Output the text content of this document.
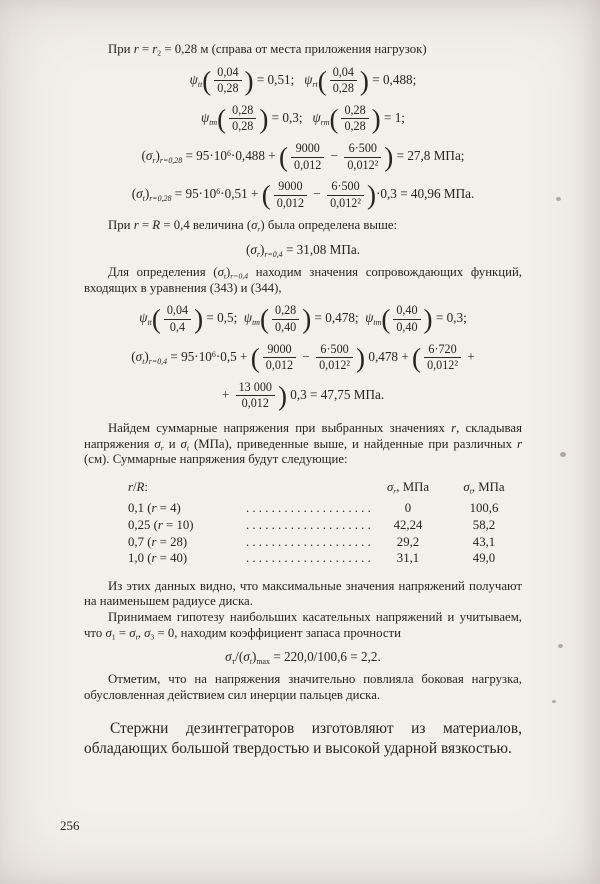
При $r = r_2 = 0,28$ м (справа от места приложения нагрузок)

$\psi_{tt}( \frac{0,04}{0,28}$ ) = 0,51;   $\psi_{rt}( \frac{0,04}{0,28}$ ) = 0,488;
$\psi_{tm}( \frac{0,28}{0,28}$ ) = 0,3;   $\psi_{rm}( \frac{0,28}{0,28}$ ) = 1;
$(\sigma_r)_{r=0,28} = 95\cdot 10^6\cdot 0,488$ + ( $\frac{9000}{0,012} - \frac{6\cdot 500}{\text{0,012²}}$ ) = 27,8 МПа;
$(\sigma_t)_{r=0,28} = 95\cdot 10^6\cdot 0,51$ + ( $\frac{9000}{0,012} - \frac{6\cdot 500}{\text{0,012²}} )\cdot 0,3 = 40,96$ МПа.

При r = R = 0,4 величина $(\sigma_r)$ была определена выше:

$(\sigma_r)_{r=0,4} = 31,08$ МПа.

Для определения $(\sigma_t)_{r=0,4}$ находим значения сопровождающих функций, входящих в уравнения (343) и (344),

$\psi_{tt}( \frac{0,04}{0,4}$ ) = 0,5;  $\psi_{tm}( \frac{0,28}{0,40}$ ) = 0,478;  $\psi_{tm}( \frac{0,40}{0,40}$ ) = 0,3;
$(\sigma_t)_{r=0,4} = 95\cdot 10^6\cdot 0,5$ + ( $\frac{9000}{0,012} - \frac{6\cdot 500}{\text{0,012²}}$ ) 0,478 + ( $\frac{6\cdot 720}{\text{0,012²}}$ +
+ $\frac{13 000}{0,012}$ ) 0,3 = 47,75 МПа.

Найдем суммарные напряжения при выбранных значениях r, складывая напряжения $\sigma_r$ и $\sigma_t$ (МПа), приведенные выше, и найденные при различных r (см). Суммарные напряжения будут следующие:

r/R:	$\sigma_r$, МПа	$\sigma_t$, МПа
0,1 (r = 4)	. . . . . . . . . . . . . . . . . . . .	0	100,6
0,25 (r = 10)	. . . . . . . . . . . . . . . . . . . .	42,24	58,2
0,7 (r = 28)	. . . . . . . . . . . . . . . . . . . .	29,2	43,1
1,0 (r = 40)	. . . . . . . . . . . . . . . . . . . .	31,1	49,0

Из этих данных видно, что максимальные значения напряжений получают на наименьшем радиусе диска.

Принимаем гипотезу наибольших касательных напряжений и учитываем, что $\sigma_1 = \sigma_t$, $\sigma_3 = 0$, находим коэффициент запаса прочности

$\sigma_т/(\sigma_t)_{max} = 220,0/100,6 = 2,2$.

Отметим, что на напряжения значительно повлияла боковая нагрузка, обусловленная действием сил инерции пальцев диска.

Стержни дезинтеграторов изготовляют из материалов, обладающих большой твердостью и высокой ударной вязкостью.

256
